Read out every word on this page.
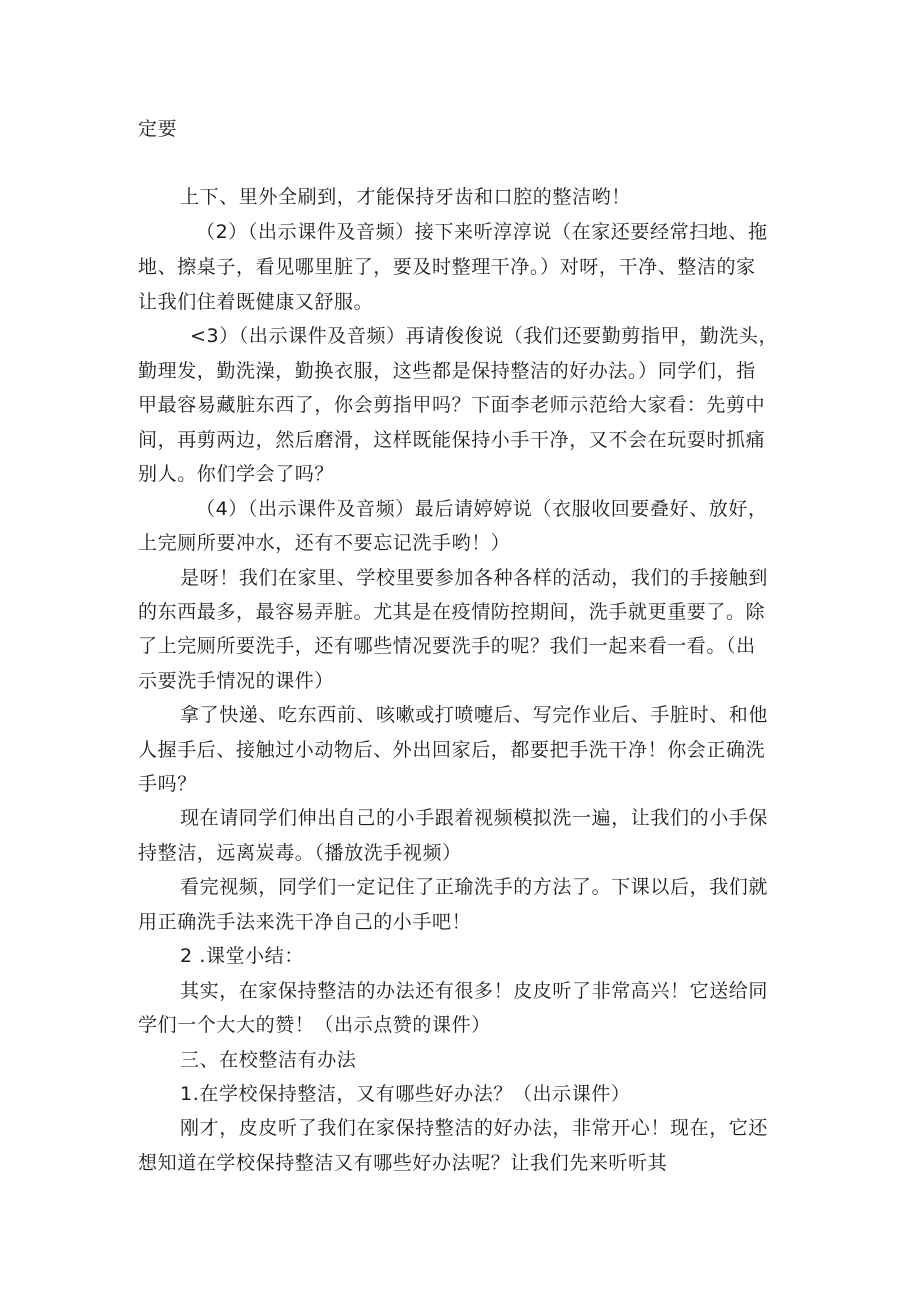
定要

上下、里外全刷到，才能保持牙齿和口腔的整洁哟！

（2）（出示课件及音频）接下来听淳淳说（在家还要经常扫地、拖

地、擦桌子，看见哪里脏了，要及时整理干净。）对呀，干净、整洁的家

让我们住着既健康又舒服。

<3）（出示课件及音频）再请俊俊说（我们还要勤剪指甲，勤洗头，

勤理发，勤洗澡，勤换衣服，这些都是保持整洁的好办法。）同学们，指

甲最容易藏脏东西了，你会剪指甲吗？下面李老师示范给大家看：先剪中

间，再剪两边，然后磨滑，这样既能保持小手干净，又不会在玩耍时抓痛

别人。你们学会了吗？

（4）（出示课件及音频）最后请婷婷说（衣服收回要叠好、放好，

上完厕所要冲水，还有不要忘记洗手哟！）

是呀！我们在家里、学校里要参加各种各样的活动，我们的手接触到

的东西最多，最容易弄脏。尤其是在疫情防控期间，洗手就更重要了。除

了上完厕所要洗手，还有哪些情况要洗手的呢？我们一起来看一看。（出

示要洗手情况的课件）

拿了快递、吃东西前、咳嗽或打喷嚏后、写完作业后、手脏时、和他

人握手后、接触过小动物后、外出回家后，都要把手洗干净！你会正确洗

手吗？

现在请同学们伸出自己的小手跟着视频模拟洗一遍，让我们的小手保

持整洁，远离炭毒。（播放洗手视频）

看完视频，同学们一定记住了正瑜洗手的方法了。下课以后，我们就

用正确洗手法来洗干净自己的小手吧！

2 .课堂小结：

其实，在家保持整洁的办法还有很多！皮皮听了非常高兴！它送给同

学们一个大大的赞！（出示点赞的课件）

三、在校整洁有办法

1.在学校保持整洁，又有哪些好办法？（出示课件）

刚才，皮皮听了我们在家保持整洁的好办法，非常开心！现在，它还

想知道在学校保持整洁又有哪些好办法呢？让我们先来听听其
